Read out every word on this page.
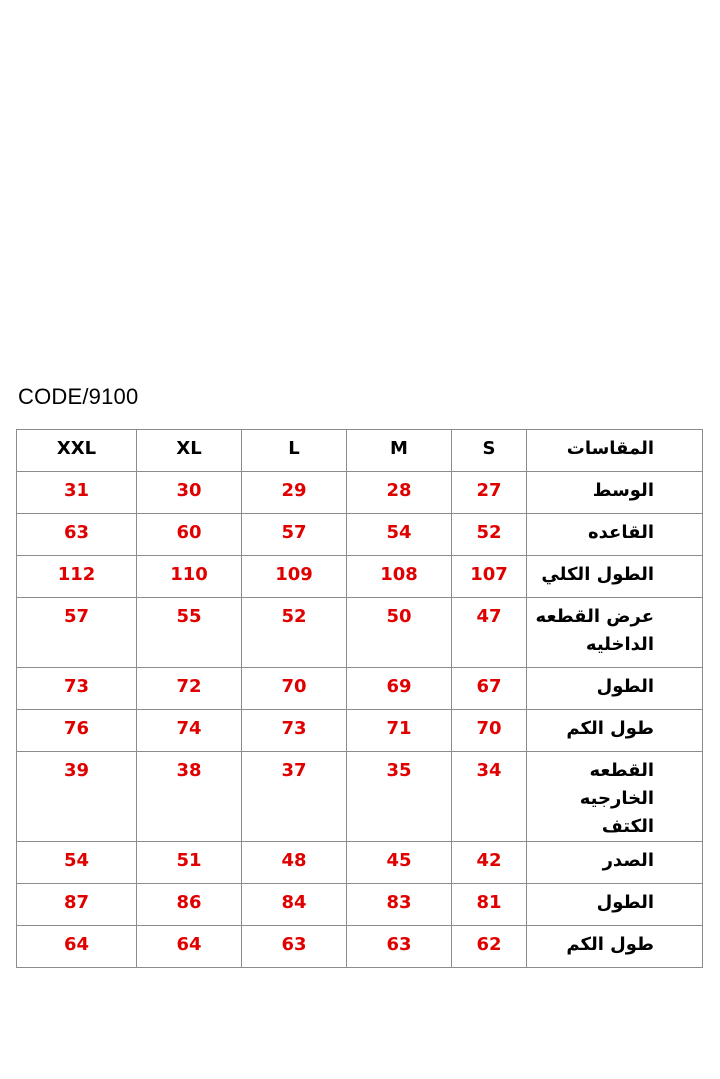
CODE/9100
XXL	XL	L	M	S	المقاسات
31	30	29	28	27	الوسط
63	60	57	54	52	القاعده
112	110	109	108	107	الطول الكلي
57	55	52	50	47	عرض القطعه الداخليه
73	72	70	69	67	الطول
76	74	73	71	70	طول الكم
39	38	37	35	34	القطعه الخارجيه الكتف
54	51	48	45	42	الصدر
87	86	84	83	81	الطول
64	64	63	63	62	طول الكم
